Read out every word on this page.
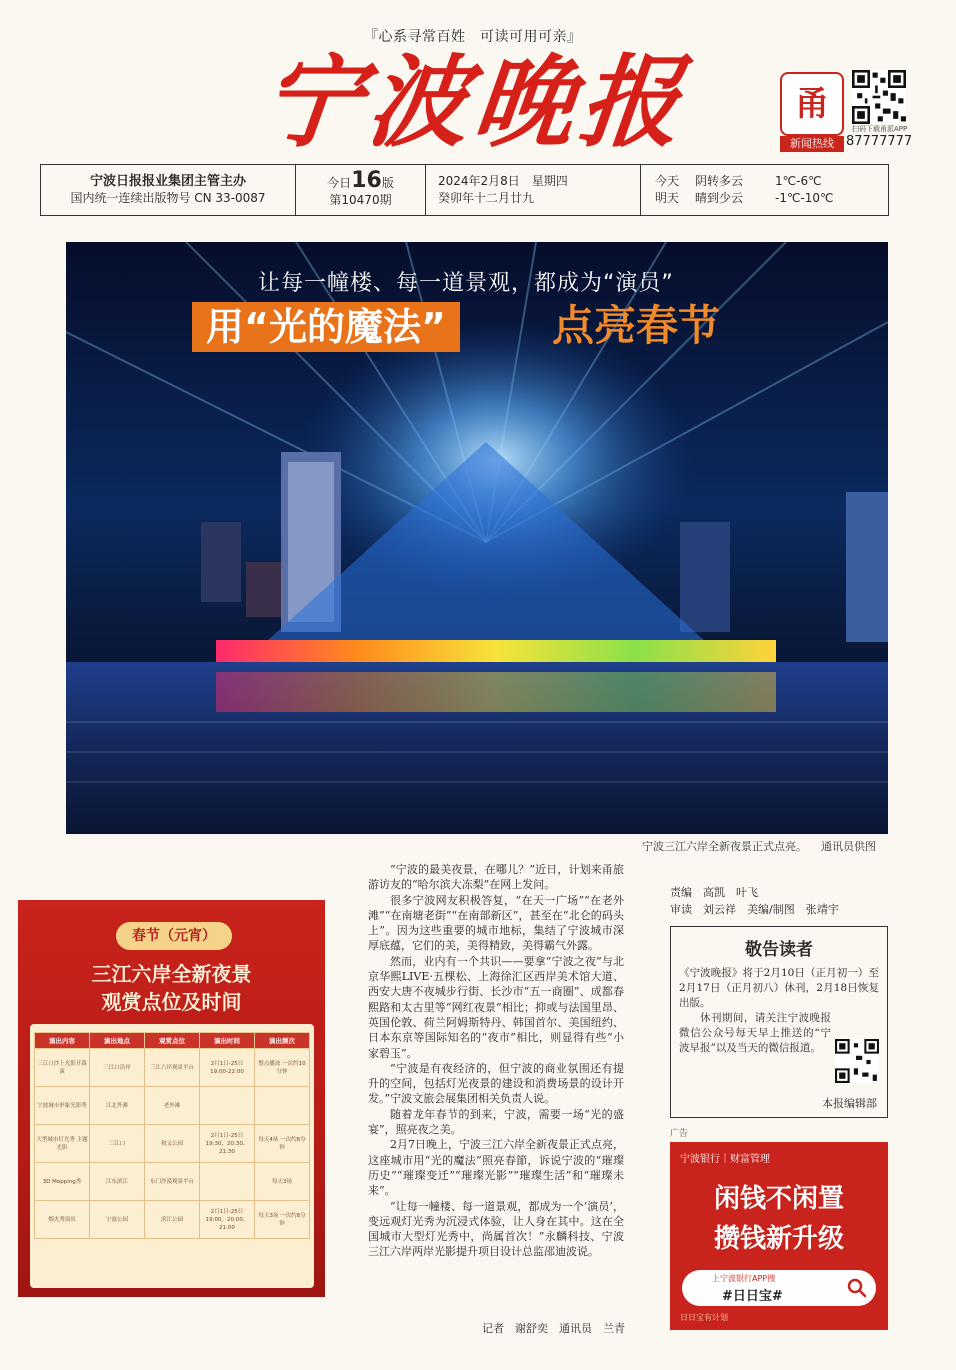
『心系寻常百姓　可读可用可亲』
宁波晚报	甬
扫码下载甬派APP
新闻热线 87777777
宁波日报报业集团主管主办
国内统一连续出版物号 CN 33-0087
今日16版
第10470期
2024年2月8日　星期四
癸卯年十二月廿九
今天 阴转多云	1℃-6℃
明天 晴到少云	-1℃-10℃
让每一幢楼、每一道景观，都成为“演员”
用“光的魔法”	点亮春节
宁波三江六岸全新夜景正式点亮。 通讯员供图
春节（元宵）
三江六岸全新夜景
观赏点位及时间
演出内容	演出地点	观赏点位	演出时间	演出频次
三江口沙上光影开幕演	三江口沿岸	三江六岸观景平台	2月1日-25日 19:00-22:00	整点播放 一次约10分钟
宁波城市形象光影秀	江北外滩	老外滩		
大型城市灯光秀 主题光影	三江口	和义公园	2月1日-25日 19:30、20:30、21:30	每天4场 一次约8分钟
3D Mapping秀	江东滨江	东门沙漠观景平台		每天3场
烟火秀演出	宁波公园	滨江公园	2月1日-25日 19:00、20:00、21:00	每天3场 一次约8分钟

“宁波的最美夜景，在哪儿？”近日，计划来甬旅游访友的“哈尔滨大冻梨”在网上发问。

很多宁波网友积极答复，“在天一广场”“在老外滩”“在南塘老街”“在南部新区”，甚至在“北仑的码头上”。因为这些重要的城市地标，集结了宁波城市深厚底蕴，它们的美，美得精致，美得霸气外露。

然而，业内有一个共识——要拿“宁波之夜”与北京华熙LIVE·五棵松、上海徐汇区西岸美术馆大道、西安大唐不夜城步行街、长沙市“五一商圈”、成都春熙路和太古里等“网红夜景”相比；抑或与法国里昂、英国伦敦、荷兰阿姆斯特丹、韩国首尔、美国纽约、日本东京等国际知名的“夜市”相比，则显得有些“小家碧玉”。

“宁波是有夜经济的，但宁波的商业氛围还有提升的空间，包括灯光夜景的建设和消费场景的设计开发。”宁波文旅会展集团相关负责人说。

随着龙年春节的到来，宁波，需要一场“光的盛宴”，照亮夜之美。

2月7日晚上，宁波三江六岸全新夜景正式点亮，这座城市用“光的魔法”照亮春節，诉说宁波的“璀璨历史”“璀璨变迁”“璀璨光影”“璀璨生活”和“璀璨未来”。

“让每一幢楼、每一道景观，都成为一个‘演员’，变远观灯光秀为沉浸式体验，让人身在其中。这在全国城市大型灯光秀中，尚属首次！”永麟科技、宁波三江六岸两岸光影提升项目设计总监邵迪波说。

记者　谢舒奕　通讯员　兰青
责编　高凯　叶飞
审读　刘云祥　美编/制图　张靖宇
敬告读者

《宁波晚报》将于2月10日（正月初一）至2月17日（正月初八）休刊，2月18日恢复出版。

休刊期间，请关注宁波晚报微信公众号每天早上推送的“宁波早报”以及当天的微信报道。

本报编辑部
广告
宁波银行｜财富管理
闲钱不闲置
攒钱新升级
上宁波银行APP搜
#日日宝#
日日宝有计划
